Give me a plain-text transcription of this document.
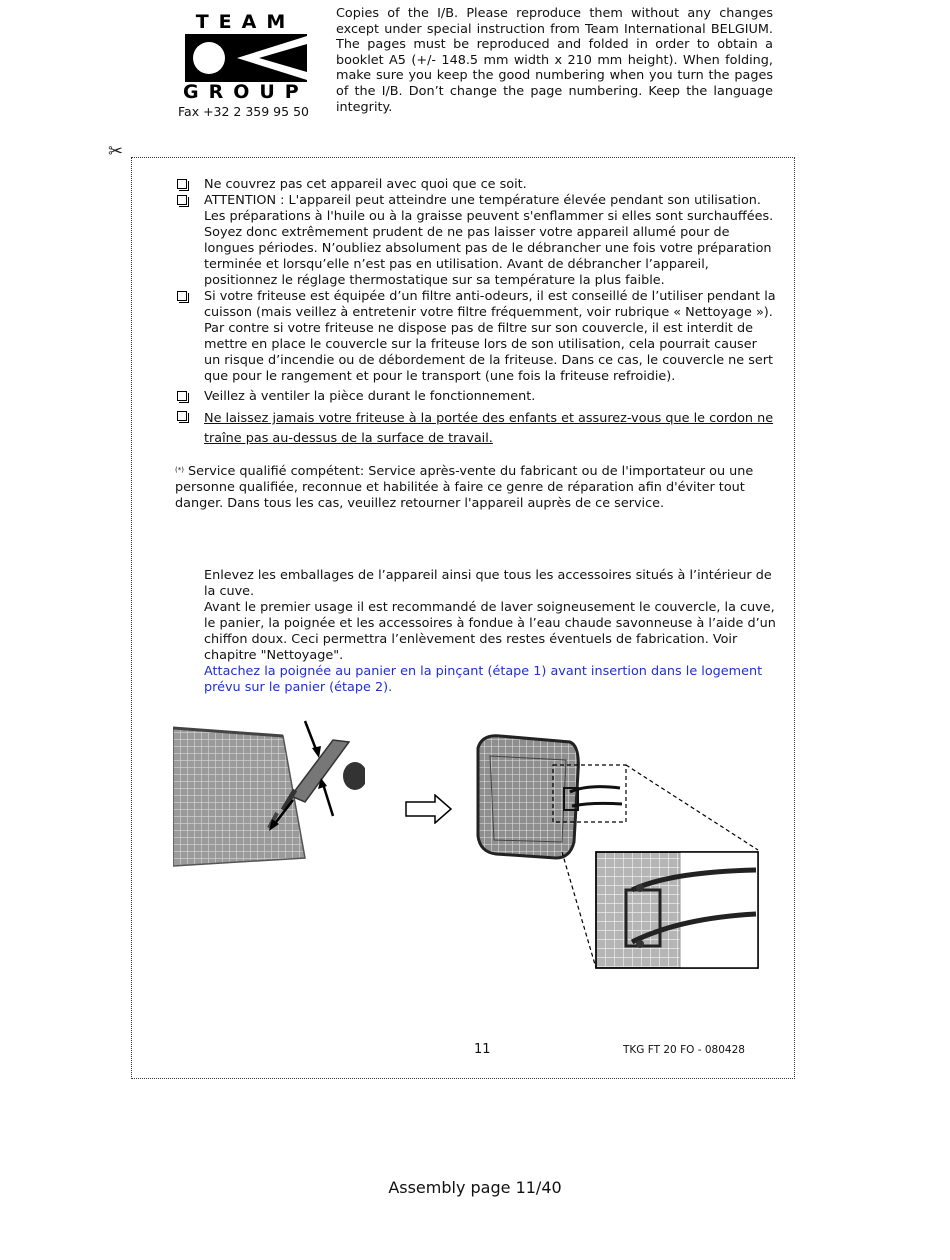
TEAM
GROUP
Fax +32 2 359 95 50
Copies of the I/B. Please reproduce them without any changes except under special instruction from Team International BELGIUM. The pages must be reproduced and folded in order to obtain a booklet A5 (+/- 148.5 mm width x 210 mm height). When folding, make sure you keep the good numbering when you turn the pages of the I/B. Don’t change the page numbering. Keep the language integrity.
✂

Ne couvrez pas cet appareil avec quoi que ce soit.

ATTENTION : L'appareil peut atteindre une température élevée pendant son utilisation. Les préparations à l'huile ou à la graisse peuvent s'enflammer si elles sont surchauffées. Soyez donc extrêmement prudent de ne pas laisser votre appareil allumé pour de longues périodes. N’oubliez absolument pas de le débrancher une fois votre préparation terminée et lorsqu’elle n’est pas en utilisation. Avant de débrancher l’appareil, positionnez le réglage thermostatique sur sa température la plus faible.

Si votre friteuse est équipée d’un filtre anti-odeurs, il est conseillé de l’utiliser pendant la cuisson (mais veillez à entretenir votre filtre fréquemment, voir rubrique « Nettoyage »). Par contre si votre friteuse ne dispose pas de filtre sur son couvercle, il est interdit de mettre en place le couvercle sur la friteuse lors de son utilisation, cela pourrait causer un risque d’incendie ou de débordement de la friteuse. Dans ce cas, le couvercle ne sert que pour le rangement et pour le transport (une fois la friteuse refroidie).

Veillez à ventiler la pièce durant le fonctionnement.

Ne laissez jamais votre friteuse à la portée des enfants et assurez-vous que le cordon ne traîne pas au-dessus de la surface de travail.

(*) Service qualifié compétent: Service après-vente du fabricant ou de l'importateur ou une personne qualifiée, reconnue et habilitée à faire ce genre de réparation afin d'éviter tout danger. Dans tous les cas, veuillez retourner l'appareil auprès de ce service.

Enlevez les emballages de l’appareil ainsi que tous les accessoires situés à l’intérieur de la cuve.

Avant le premier usage il est recommandé de laver soigneusement le couvercle, la cuve, le panier, la poignée et les accessoires à fondue à l’eau chaude savonneuse à l’aide d’un chiffon doux. Ceci permettra l’enlèvement des restes éventuels de fabrication. Voir chapitre "Nettoyage".

Attachez la poignée au panier en la pinçant (étape 1) avant insertion dans le logement prévu sur le panier (étape 2).

11	TKG FT 20 FO - 080428
Assembly page 11/40
